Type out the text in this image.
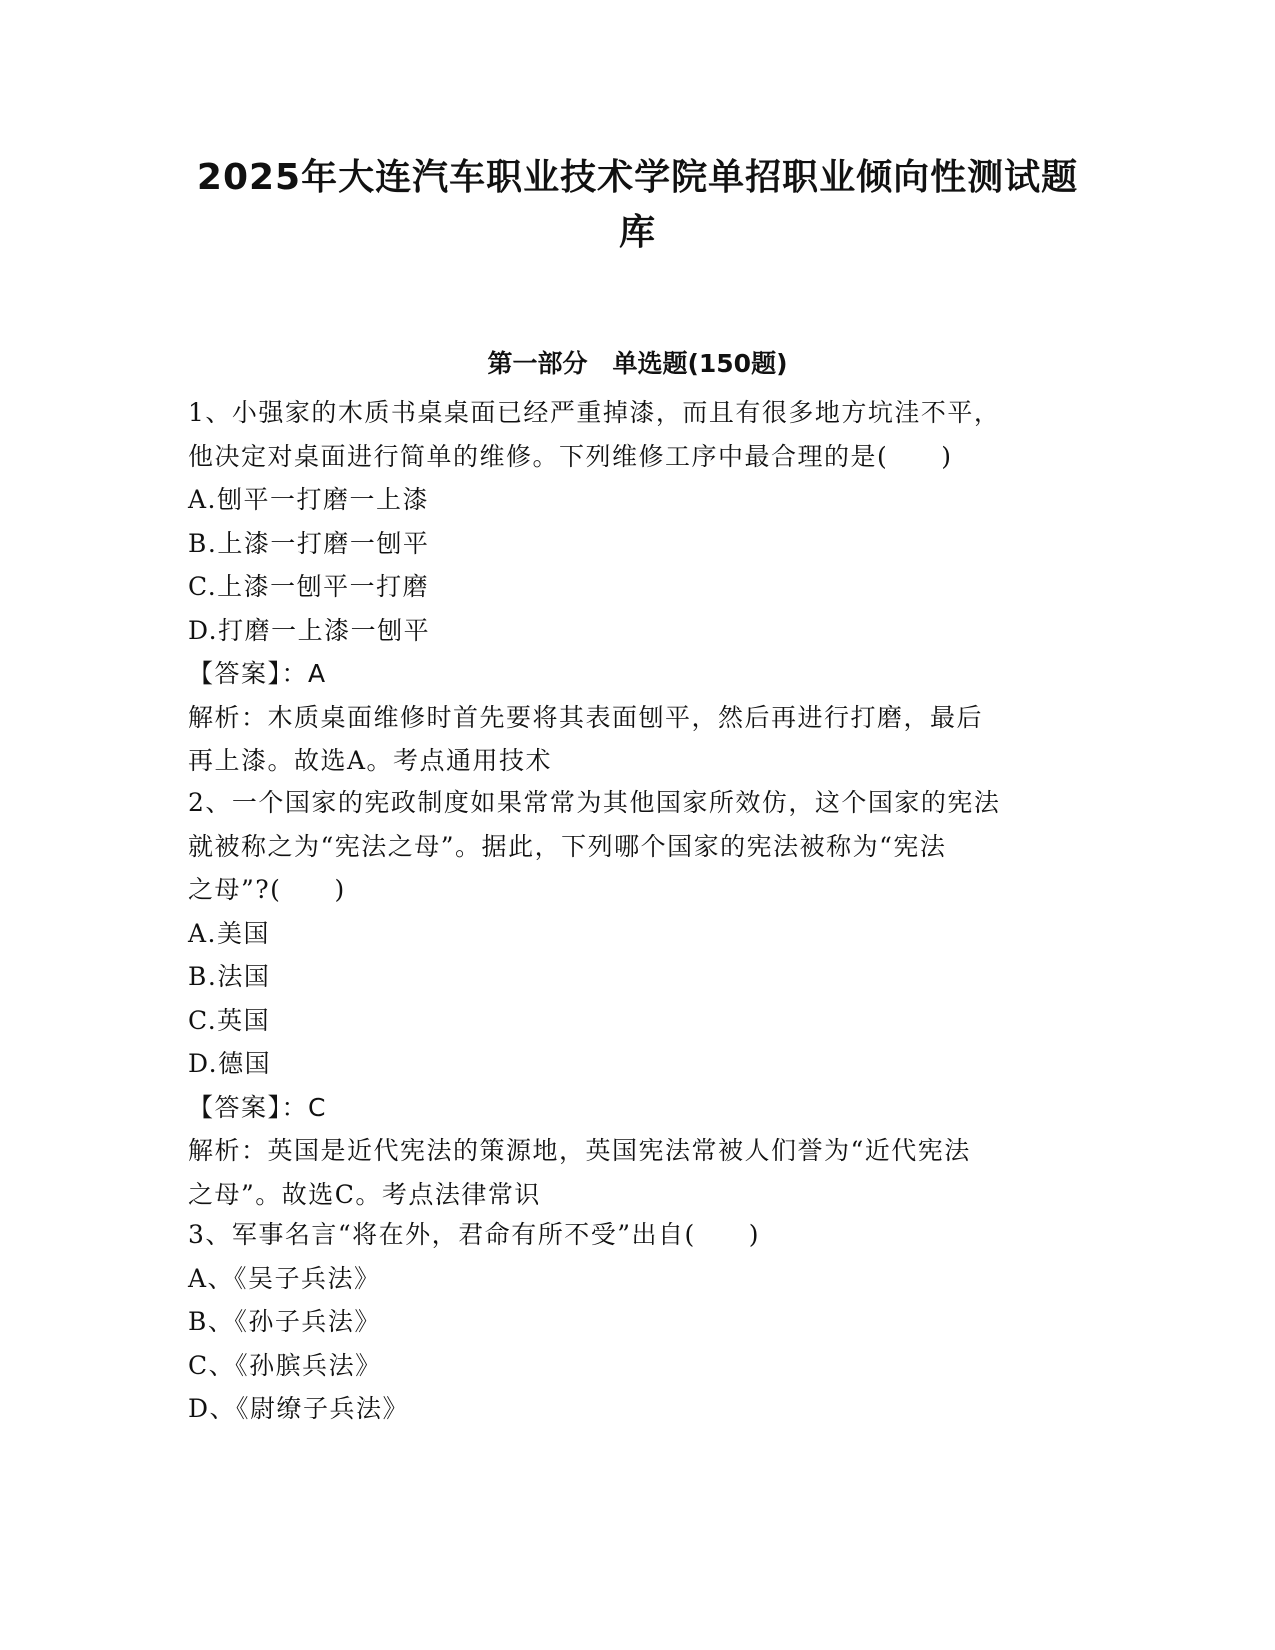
2025年大连汽车职业技术学院单招职业倾向性测试题
库
第一部分　单选题(150题)
1、小强家的木质书桌桌面已经严重掉漆，而且有很多地方坑洼不平，
他决定对桌面进行简单的维修。下列维修工序中最合理的是(　　)
A.刨平一打磨一上漆
B.上漆一打磨一刨平
C.上漆一刨平一打磨
D.打磨一上漆一刨平
【答案】：A
解析：木质桌面维修时首先要将其表面刨平，然后再进行打磨，最后
再上漆。故选A。考点通用技术
2、一个国家的宪政制度如果常常为其他国家所效仿，这个国家的宪法
就被称之为“宪法之母”。据此，下列哪个国家的宪法被称为“宪法
之母”?(　　)
A.美国
B.法国
C.英国
D.德国
【答案】：C
解析：英国是近代宪法的策源地，英国宪法常被人们誉为“近代宪法
之母”。故选C。考点法律常识
3、军事名言“将在外，君命有所不受”出自(　　)
A、《吴子兵法》
B、《孙子兵法》
C、《孙膑兵法》
D、《尉缭子兵法》
